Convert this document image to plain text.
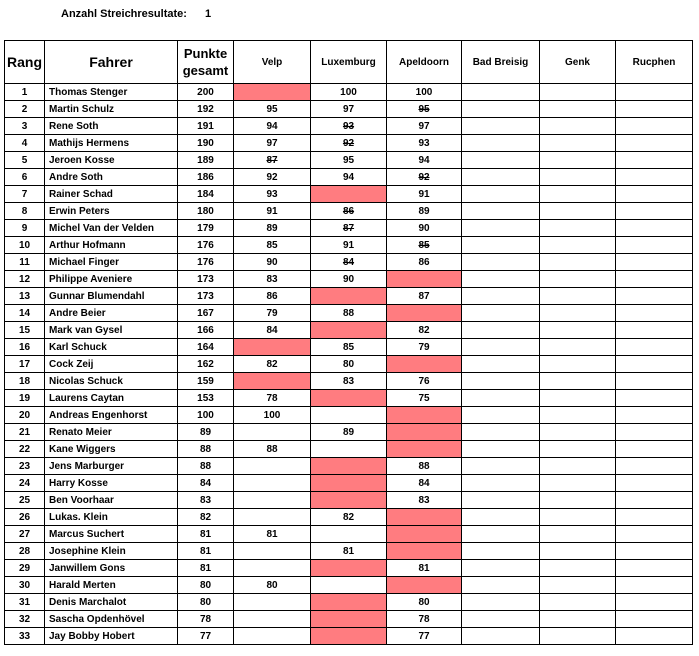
Anzahl Streichresultate: 1
Rang	Fahrer	Punkte
gesamt	Velp	Luxemburg	Apeldoorn	Bad Breisig	Genk	Rucphen
1	Thomas Stenger	200		100	100			
2	Martin Schulz	192	95	97	95			
3	Rene Soth	191	94	93	97			
4	Mathijs Hermens	190	97	92	93			
5	Jeroen Kosse	189	87	95	94			
6	Andre Soth	186	92	94	92			
7	Rainer Schad	184	93		91			
8	Erwin Peters	180	91	86	89			
9	Michel Van der Velden	179	89	87	90			
10	Arthur Hofmann	176	85	91	85			
11	Michael Finger	176	90	84	86			
12	Philippe Aveniere	173	83	90				
13	Gunnar Blumendahl	173	86		87			
14	Andre Beier	167	79	88				
15	Mark van Gysel	166	84		82			
16	Karl Schuck	164		85	79			
17	Cock Zeij	162	82	80				
18	Nicolas Schuck	159		83	76			
19	Laurens Caytan	153	78		75			
20	Andreas Engenhorst	100	100					
21	Renato Meier	89		89				
22	Kane Wiggers	88	88					
23	Jens Marburger	88			88			
24	Harry Kosse	84			84			
25	Ben Voorhaar	83			83			
26	Lukas. Klein	82		82				
27	Marcus Suchert	81	81					
28	Josephine Klein	81		81				
29	Janwillem Gons	81			81			
30	Harald Merten	80	80					
31	Denis Marchalot	80			80			
32	Sascha Opdenhövel	78			78			
33	Jay Bobby Hobert	77			77			
